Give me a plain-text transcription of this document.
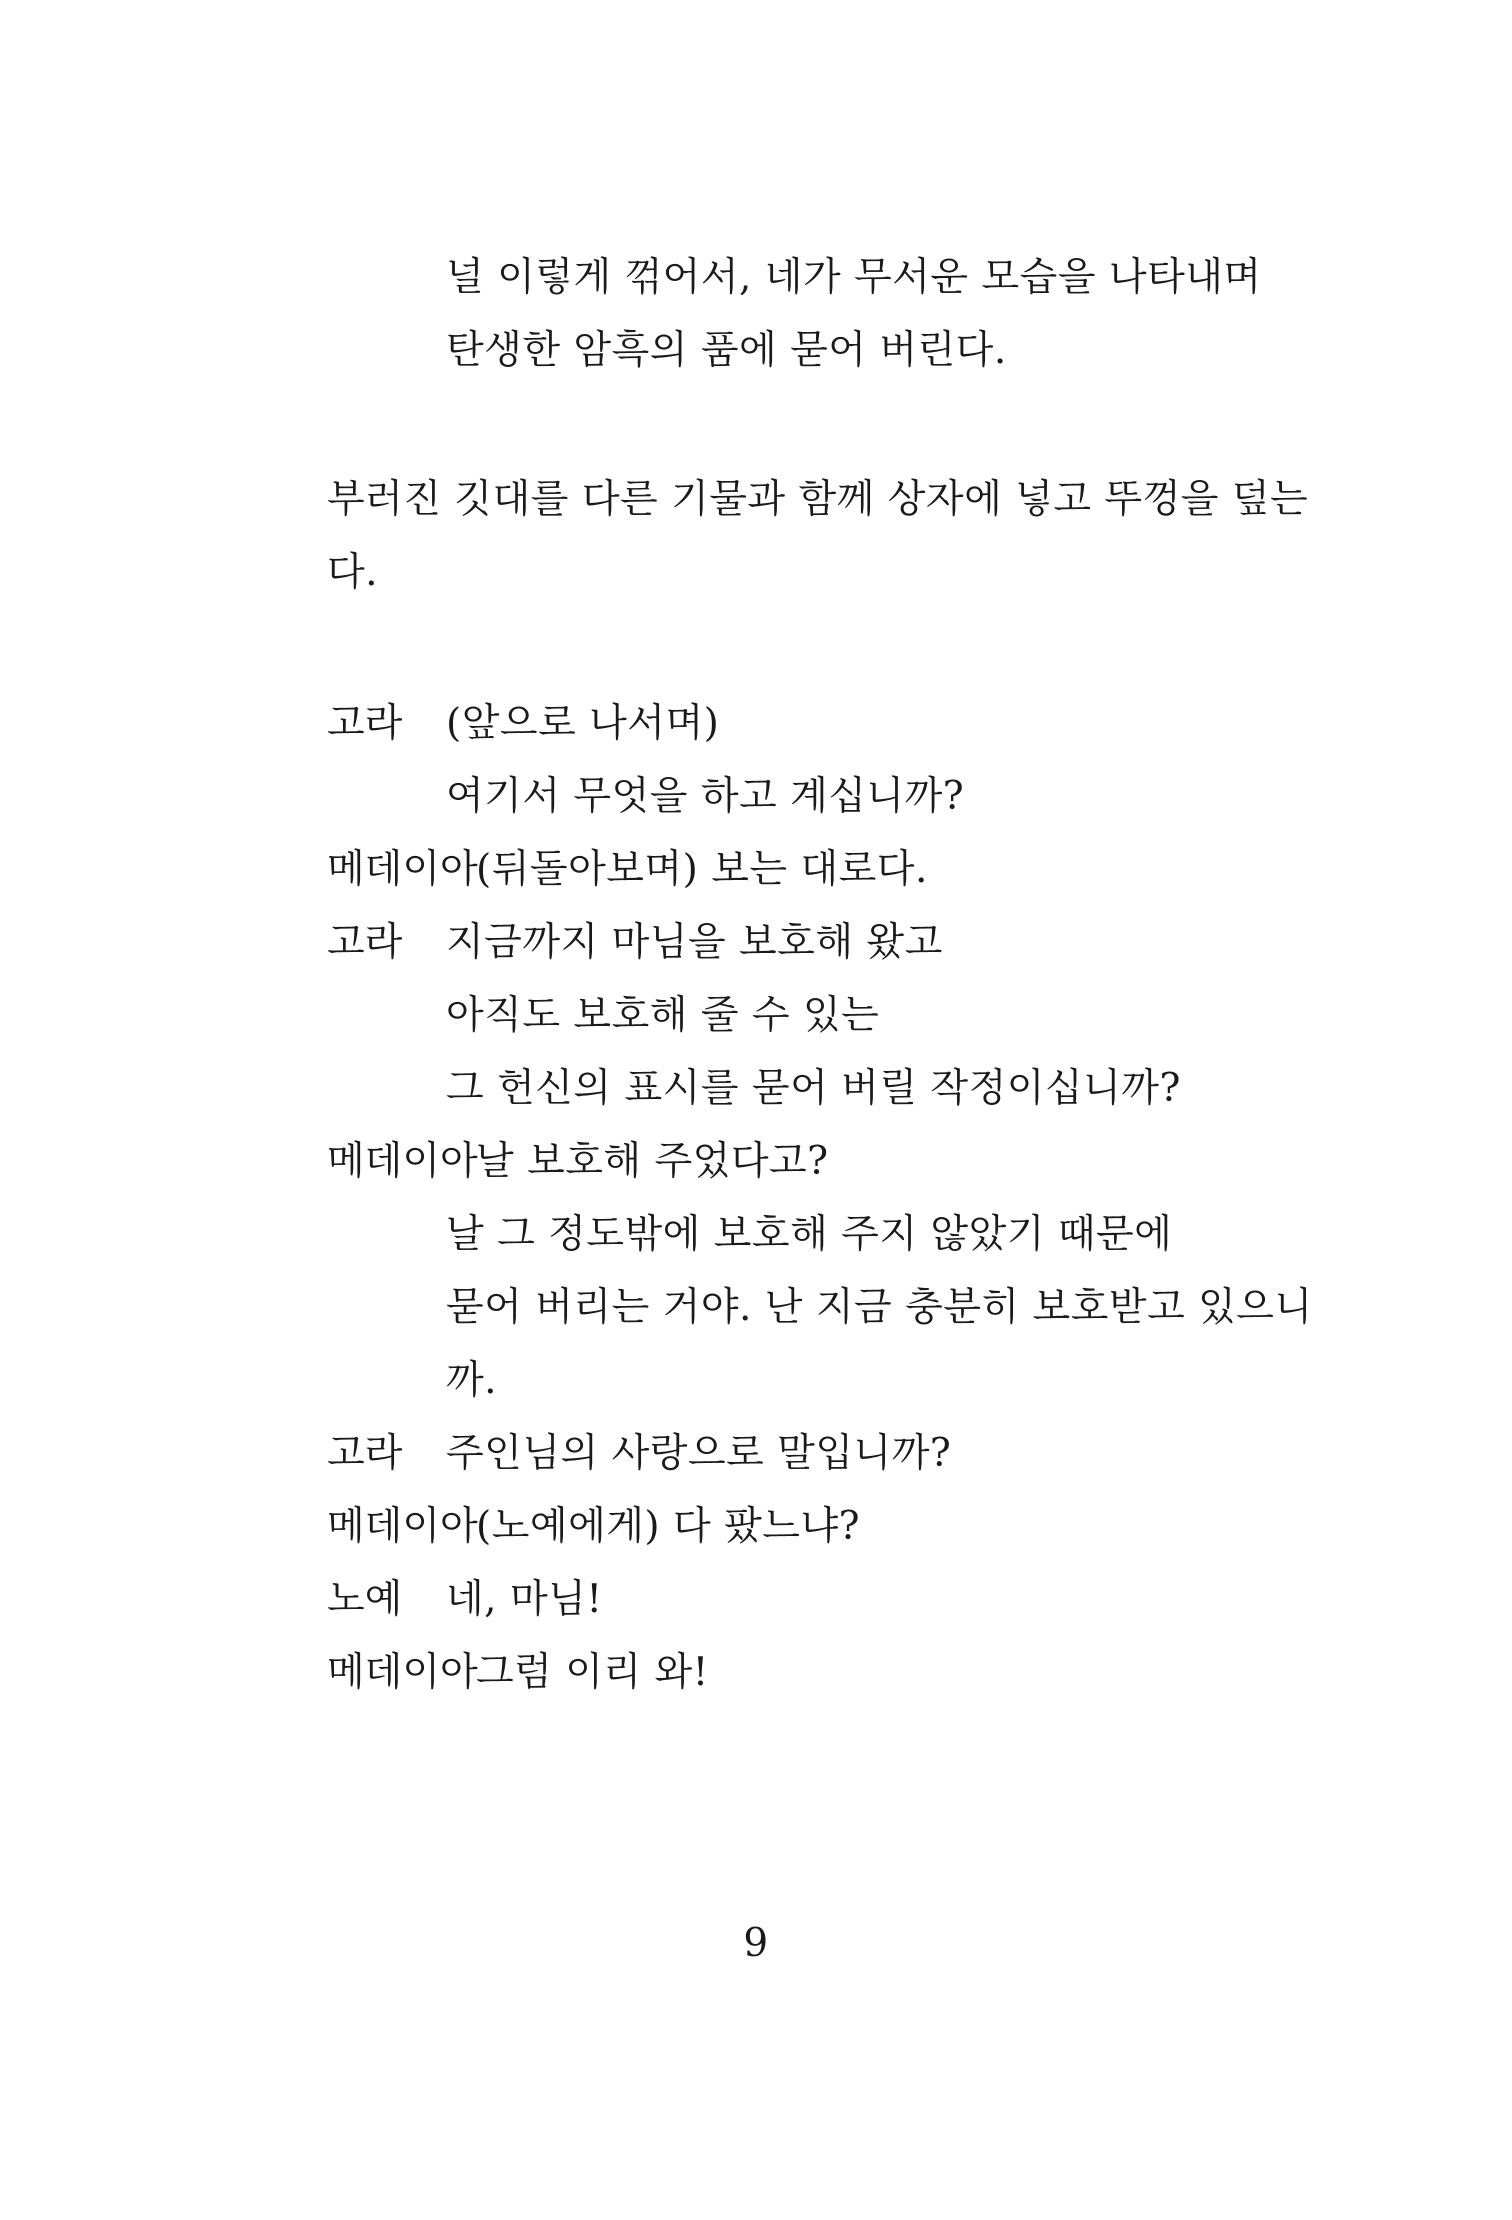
널 이렇게 꺾어서, 네가 무서운 모습을 나타내며
탄생한 암흑의 품에 묻어 버린다.
부러진 깃대를 다른 기물과 함께 상자에 넣고 뚜껑을 덮는
다.
고라 (앞으로 나서며)
여기서 무엇을 하고 계십니까?
메데이아
(뒤돌아보며) 보는 대로다.
고라 지금까지 마님을 보호해 왔고
아직도 보호해 줄 수 있는
그 헌신의 표시를 묻어 버릴 작정이십니까?
메데이아
날 보호해 주었다고?
날 그 정도밖에 보호해 주지 않았기 때문에
묻어 버리는 거야. 난 지금 충분히 보호받고 있으니
까.
고라 주인님의 사랑으로 말입니까?
메데이아
(노예에게) 다 팠느냐?
노예 네, 마님!
메데이아
그럼 이리 와!
9
